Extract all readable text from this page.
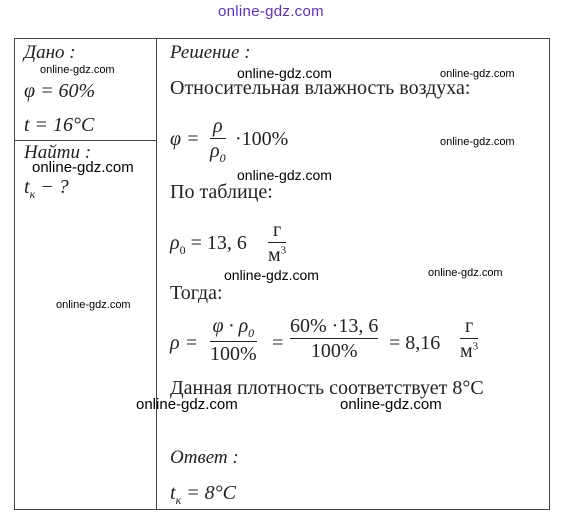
online-gdz.com
Дано :
φ = 60%
t = 16°C
Найти :
$t_к$ − ?
Решение :
Относительная влажность воздуха:
φ =
ρ
$\rho_0$
·100%
По таблице:
$\rho_0 = 13$, 6
г
$м^3$
Тогда:
ρ =
$\varphi \cdot \rho_0$
100% =
60% ·13, 6
100% = 8,16
г
$м^3$
Данная плотность соответствует 8°C
Ответ :
$t_к = 8^\circ C$
online-gdz.com	online-gdz.com	online-gdz.com
online-gdz.com
online-gdz.com	online-gdz.com
online-gdz.com	online-gdz.com
online-gdz.com
online-gdz.com	online-gdz.com
